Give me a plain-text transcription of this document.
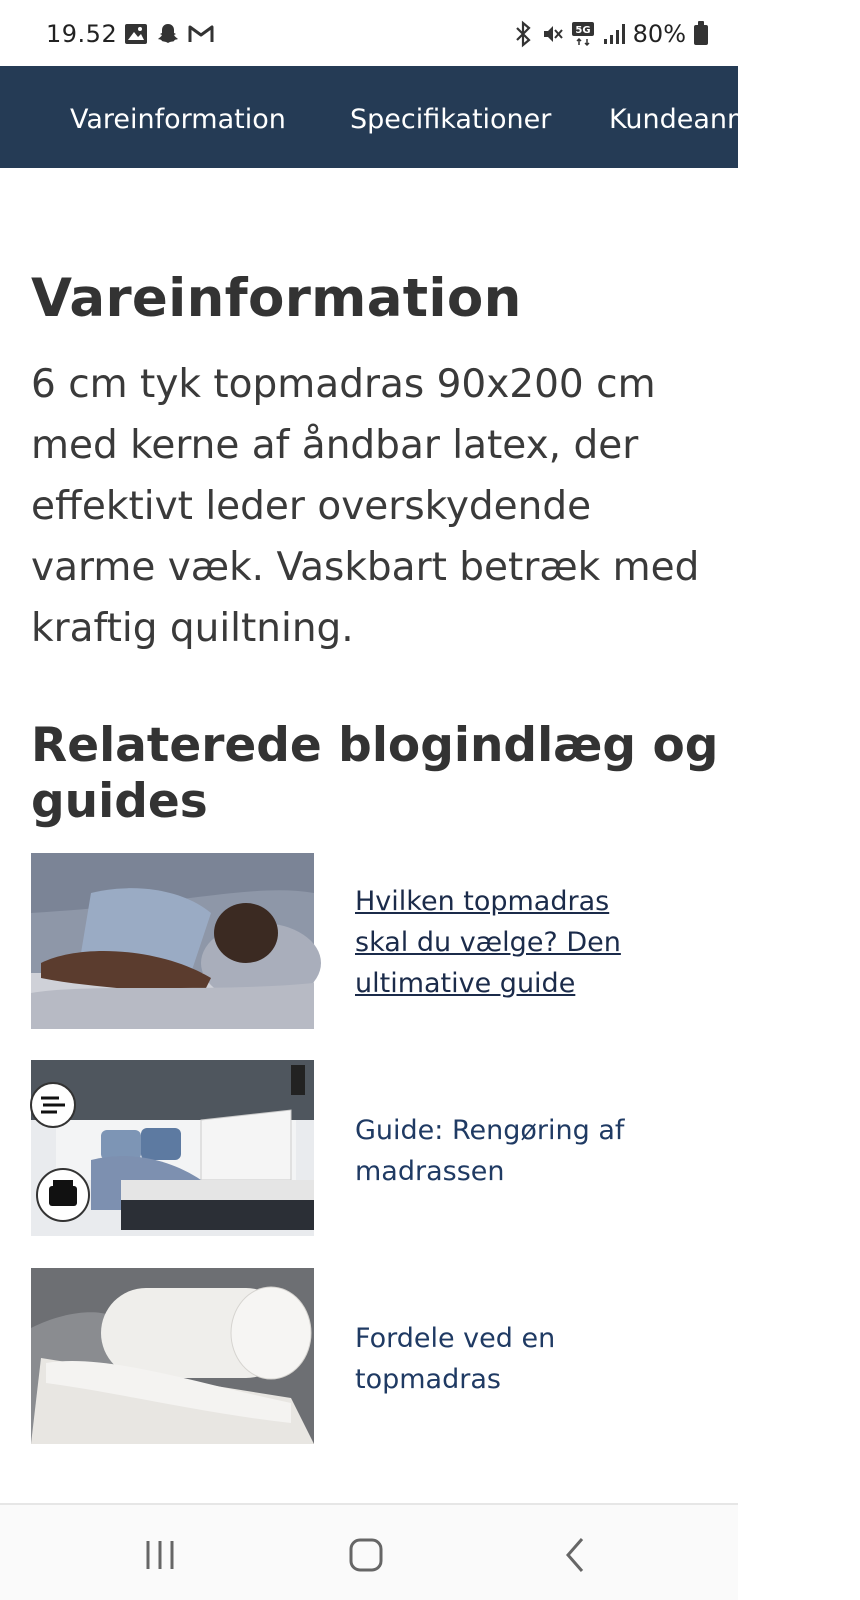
19.52	5G 80%
Vareinformation Specifikationer Kundeanmeldelser
Vareinformation

6 cm tyk topmadras 90x200 cm med kerne af åndbar latex, der effektivt leder overskydende varme væk. Vaskbart betræk med kraftig quiltning.

Relaterede blogindlæg og guides
Hvilken topmadras skal du vælge? Den ultimative guide
Guide: Rengøring af madrassen
Fordele ved en topmadras
